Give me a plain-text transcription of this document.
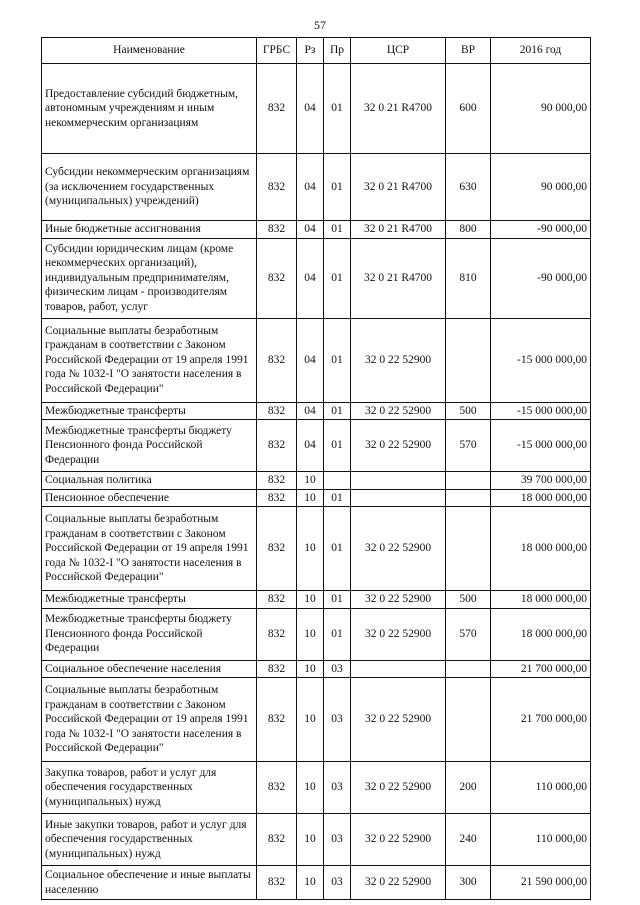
57
Наименование	ГРБС	Рз	Пр	ЦСР	ВР	2016 год
Предоставление субсидий бюджетным, автономным учреждениям и иным некоммерческим организациям	832	04	01	32 0 21 R4700	600	90 000,00
Субсидии некоммерческим организациям (за исключением государственных (муниципальных) учреждений)	832	04	01	32 0 21 R4700	630	90 000,00
Иные бюджетные ассигнования	832	04	01	32 0 21 R4700	800	-90 000,00
Субсидии юридическим лицам (кроме некоммерческих организаций), индивидуальным предпринимателям, физическим лицам - производителям товаров, работ, услуг	832	04	01	32 0 21 R4700	810	-90 000,00
Социальные выплаты безработным гражданам в соответствии с Законом Российской Федерации от 19 апреля 1991 года № 1032-I "О занятости населения в Российской Федерации"	832	04	01	32 0 22 52900		-15 000 000,00
Межбюджетные трансферты	832	04	01	32 0 22 52900	500	-15 000 000,00
Межбюджетные трансферты бюджету Пенсионного фонда Российской Федерации	832	04	01	32 0 22 52900	570	-15 000 000,00
Социальная политика	832	10				39 700 000,00
Пенсионное обеспечение	832	10	01			18 000 000,00
Социальные выплаты безработным гражданам в соответствии с Законом Российской Федерации от 19 апреля 1991 года № 1032-I "О занятости населения в Российской Федерации"	832	10	01	32 0 22 52900		18 000 000,00
Межбюджетные трансферты	832	10	01	32 0 22 52900	500	18 000 000,00
Межбюджетные трансферты бюджету Пенсионного фонда Российской Федерации	832	10	01	32 0 22 52900	570	18 000 000,00
Социальное обеспечение населения	832	10	03			21 700 000,00
Социальные выплаты безработным гражданам в соответствии с Законом Российской Федерации от 19 апреля 1991 года № 1032-I "О занятости населения в Российской Федерации"	832	10	03	32 0 22 52900		21 700 000,00
Закупка товаров, работ и услуг для обеспечения государственных (муниципальных) нужд	832	10	03	32 0 22 52900	200	110 000,00
Иные закупки товаров, работ и услуг для обеспечения государственных (муниципальных) нужд	832	10	03	32 0 22 52900	240	110 000,00
Социальное обеспечение и иные выплаты населению	832	10	03	32 0 22 52900	300	21 590 000,00
